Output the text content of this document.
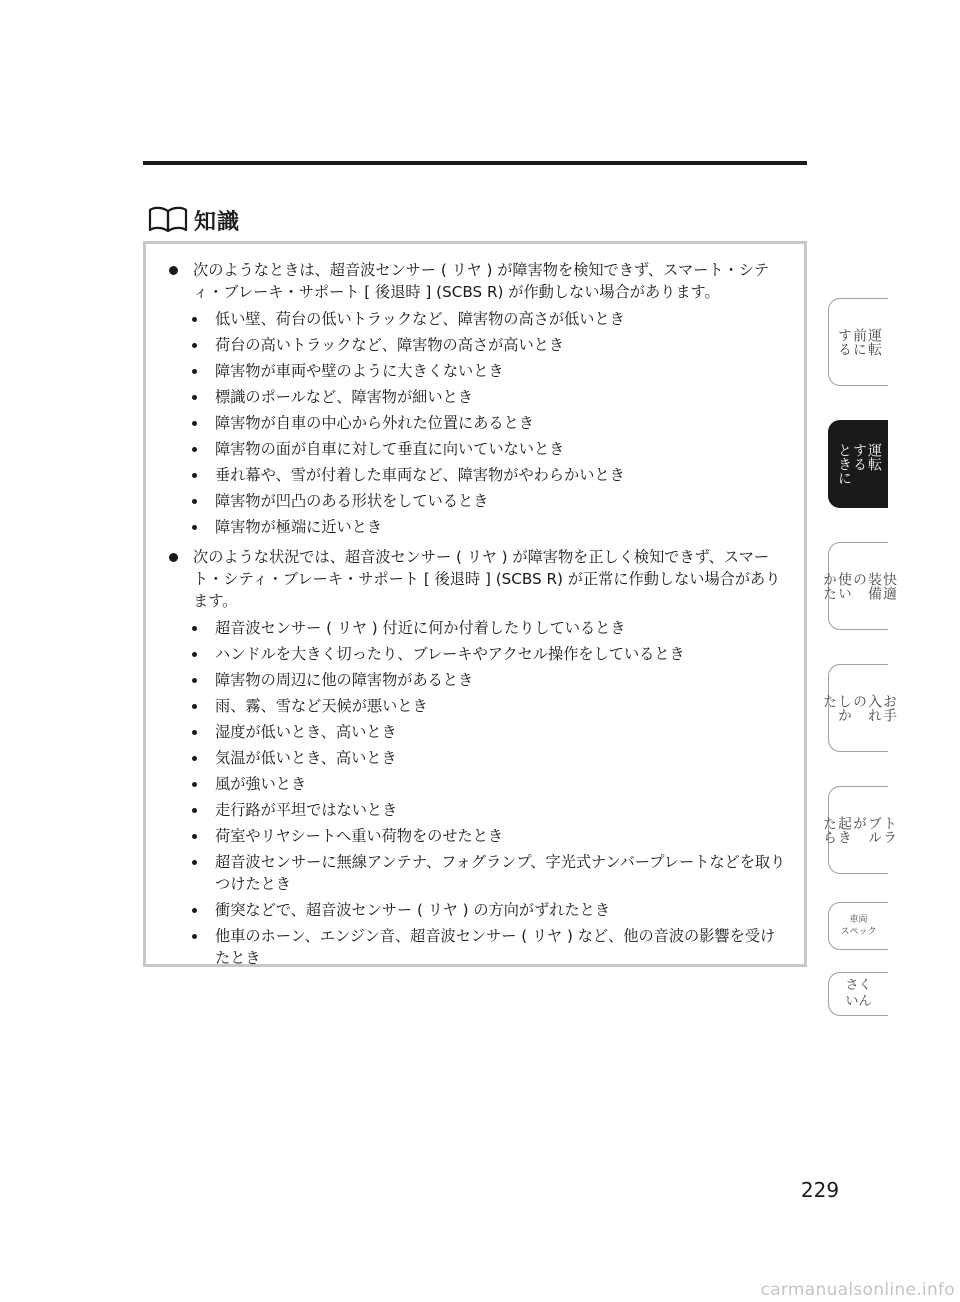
知識

次のようなときは、超音波センサー ( リヤ ) が障害物を検知できず、スマート・シティ・ブレーキ・サポート [ 後退時 ] (SCBS R) が作動しない場合があります。

低い壁、荷台の低いトラックなど、障害物の高さが低いとき
荷台の高いトラックなど、障害物の高さが高いとき
障害物が車両や壁のように大きくないとき
標識のポールなど、障害物が細いとき
障害物が自車の中心から外れた位置にあるとき
障害物の面が自車に対して垂直に向いていないとき
垂れ幕や、雪が付着した車両など、障害物がやわらかいとき
障害物が凹凸のある形状をしているとき
障害物が極端に近いとき

次のような状況では、超音波センサー ( リヤ ) が障害物を正しく検知できず、スマート・シティ・ブレーキ・サポート [ 後退時 ] (SCBS R) が正常に作動しない場合があります。

超音波センサー ( リヤ ) 付近に何か付着したりしているとき
ハンドルを大きく切ったり、ブレーキやアクセル操作をしているとき
障害物の周辺に他の障害物があるとき
雨、霧、雪など天候が悪いとき
湿度が低いとき、高いとき
気温が低いとき、高いとき
風が強いとき
走行路が平坦ではないとき
荷室やリヤシートへ重い荷物をのせたとき
超音波センサーに無線アンテナ、フォグランプ、字光式ナンバープレートなどを取りつけたとき
衝突などで、超音波センサー ( リヤ ) の方向がずれたとき
他車のホーン、エンジン音、超音波センサー ( リヤ ) など、他の音波の影響を受けたとき
運転
前に
する
運転
する
ときに
快適
装備
の
使い
かた
お手
入れ
の
しか
た
トラ
ブル
が
起き
たら
車両
スペック
さく
いん
229
carmanualsonline.info
